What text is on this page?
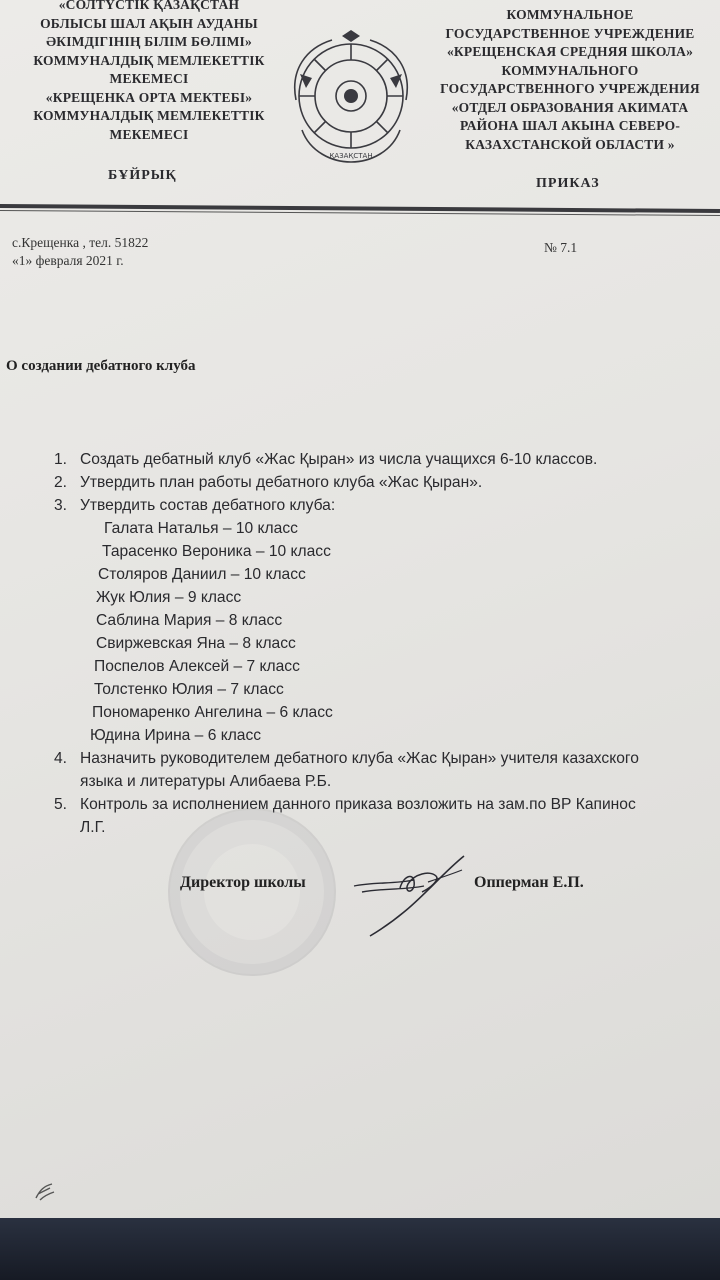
«СОЛТҮСТІК ҚАЗАҚСТАН
ОБЛЫСЫ ШАЛ АҚЫН АУДАНЫ
ӘКІМДІГІНІҢ БІЛІМ БӨЛІМІ»
КОММУНАЛДЫҚ МЕМЛЕКЕТТІК
МЕКЕМЕСІ
«КРЕЩЕНКА ОРТА МЕКТЕБІ»
КОММУНАЛДЫҚ МЕМЛЕКЕТТІК
МЕКЕМЕСІ
ҚАЗАҚСТАН
КОММУНАЛЬНОЕ
ГОСУДАРСТВЕННОЕ УЧРЕЖДЕНИЕ
«КРЕЩЕНСКАЯ СРЕДНЯЯ ШКОЛА»
КОММУНАЛЬНОГО
ГОСУДАРСТВЕННОГО УЧРЕЖДЕНИЯ
«ОТДЕЛ ОБРАЗОВАНИЯ АКИМАТА
РАЙОНА ШАЛ АКЫНА СЕВЕРО-
КАЗАХСТАНСКОЙ ОБЛАСТИ »
БҰЙРЫҚ
ПРИКАЗ
с.Крещенка , тел. 51822
«1» февраля 2021 г.
№ 7.1
О создании дебатного клуба
1. Создать дебатный клуб «Жас Қыран» из числа учащихся 6-10 классов.
2. Утвердить план работы дебатного клуба «Жас Қыран».
3. Утвердить состав дебатного клуба:
Галата Наталья – 10 класс
Тарасенко Вероника – 10 класс
Столяров Даниил – 10 класс
Жук Юлия – 9 класс
Саблина Мария – 8 класс
Свиржевская Яна – 8 класс
Поспелов Алексей – 7 класс
Толстенко Юлия – 7 класс
Пономаренко Ангелина – 6 класс
Юдина Ирина – 6 класс
4. Назначить руководителем дебатного клуба «Жас Қыран» учителя казахского
языка и литературы Алибаева Р.Б.
5. Контроль за исполнением данного приказа возложить на зам.по ВР Капинос
Л.Г.
Директор школы	Опперман Е.П.
